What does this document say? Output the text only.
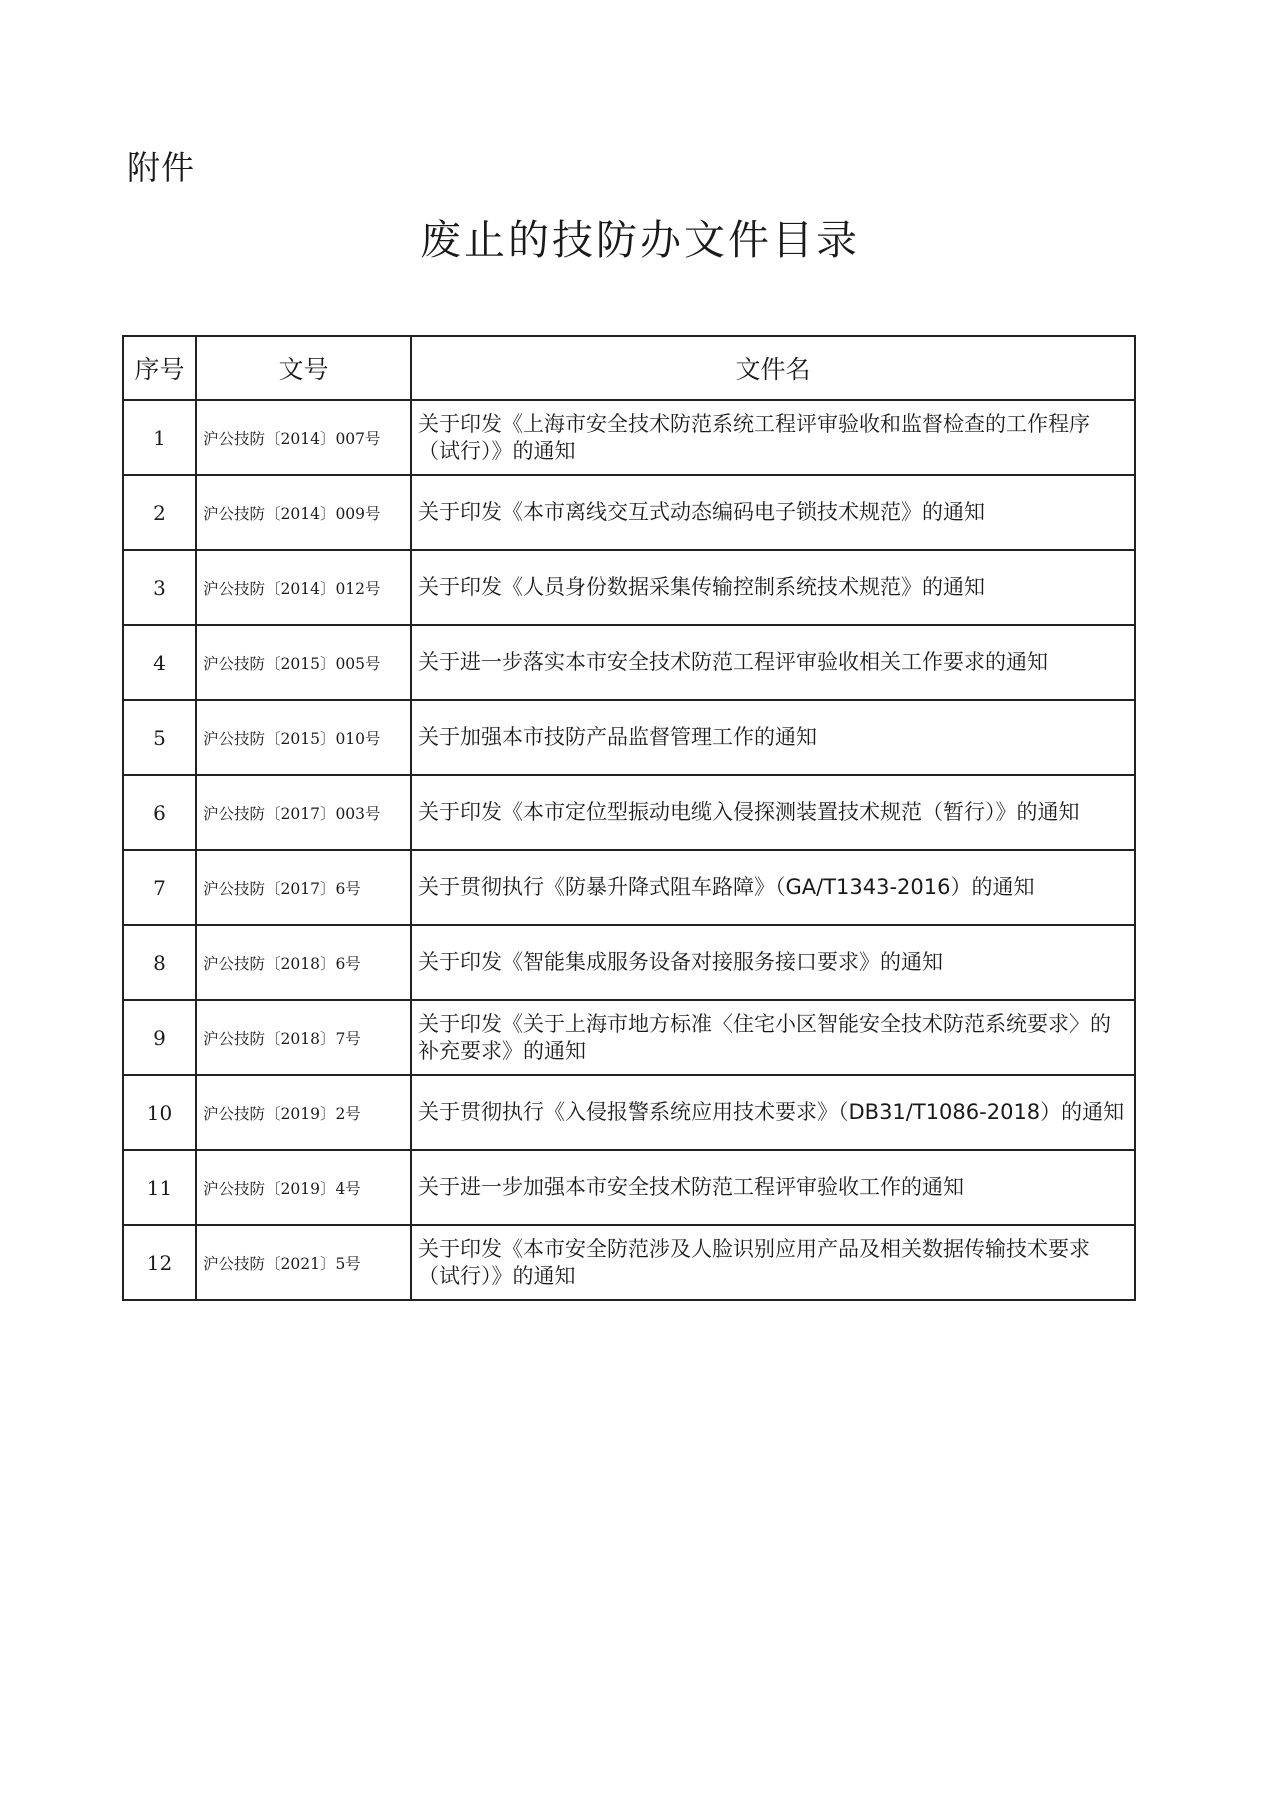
附件
废止的技防办文件目录
序号	文号	文件名
1	沪公技防〔2014〕007号	关于印发《上海市安全技术防范系统工程评审验收和监督检查的工作程序（试行）》的通知
2	沪公技防〔2014〕009号	关于印发《本市离线交互式动态编码电子锁技术规范》的通知
3	沪公技防〔2014〕012号	关于印发《人员身份数据采集传输控制系统技术规范》的通知
4	沪公技防〔2015〕005号	关于进一步落实本市安全技术防范工程评审验收相关工作要求的通知
5	沪公技防〔2015〕010号	关于加强本市技防产品监督管理工作的通知
6	沪公技防〔2017〕003号	关于印发《本市定位型振动电缆入侵探测装置技术规范（暂行）》的通知
7	沪公技防〔2017〕6号	关于贯彻执行《防暴升降式阻车路障》（GA/T1343-2016）的通知
8	沪公技防〔2018〕6号	关于印发《智能集成服务设备对接服务接口要求》的通知
9	沪公技防〔2018〕7号	关于印发《关于上海市地方标准〈住宅小区智能安全技术防范系统要求〉的补充要求》的通知
10	沪公技防〔2019〕2号	关于贯彻执行《入侵报警系统应用技术要求》（DB31/T1086-2018）的通知
11	沪公技防〔2019〕4号	关于进一步加强本市安全技术防范工程评审验收工作的通知
12	沪公技防〔2021〕5号	关于印发《本市安全防范涉及人脸识别应用产品及相关数据传输技术要求（试行）》的通知
